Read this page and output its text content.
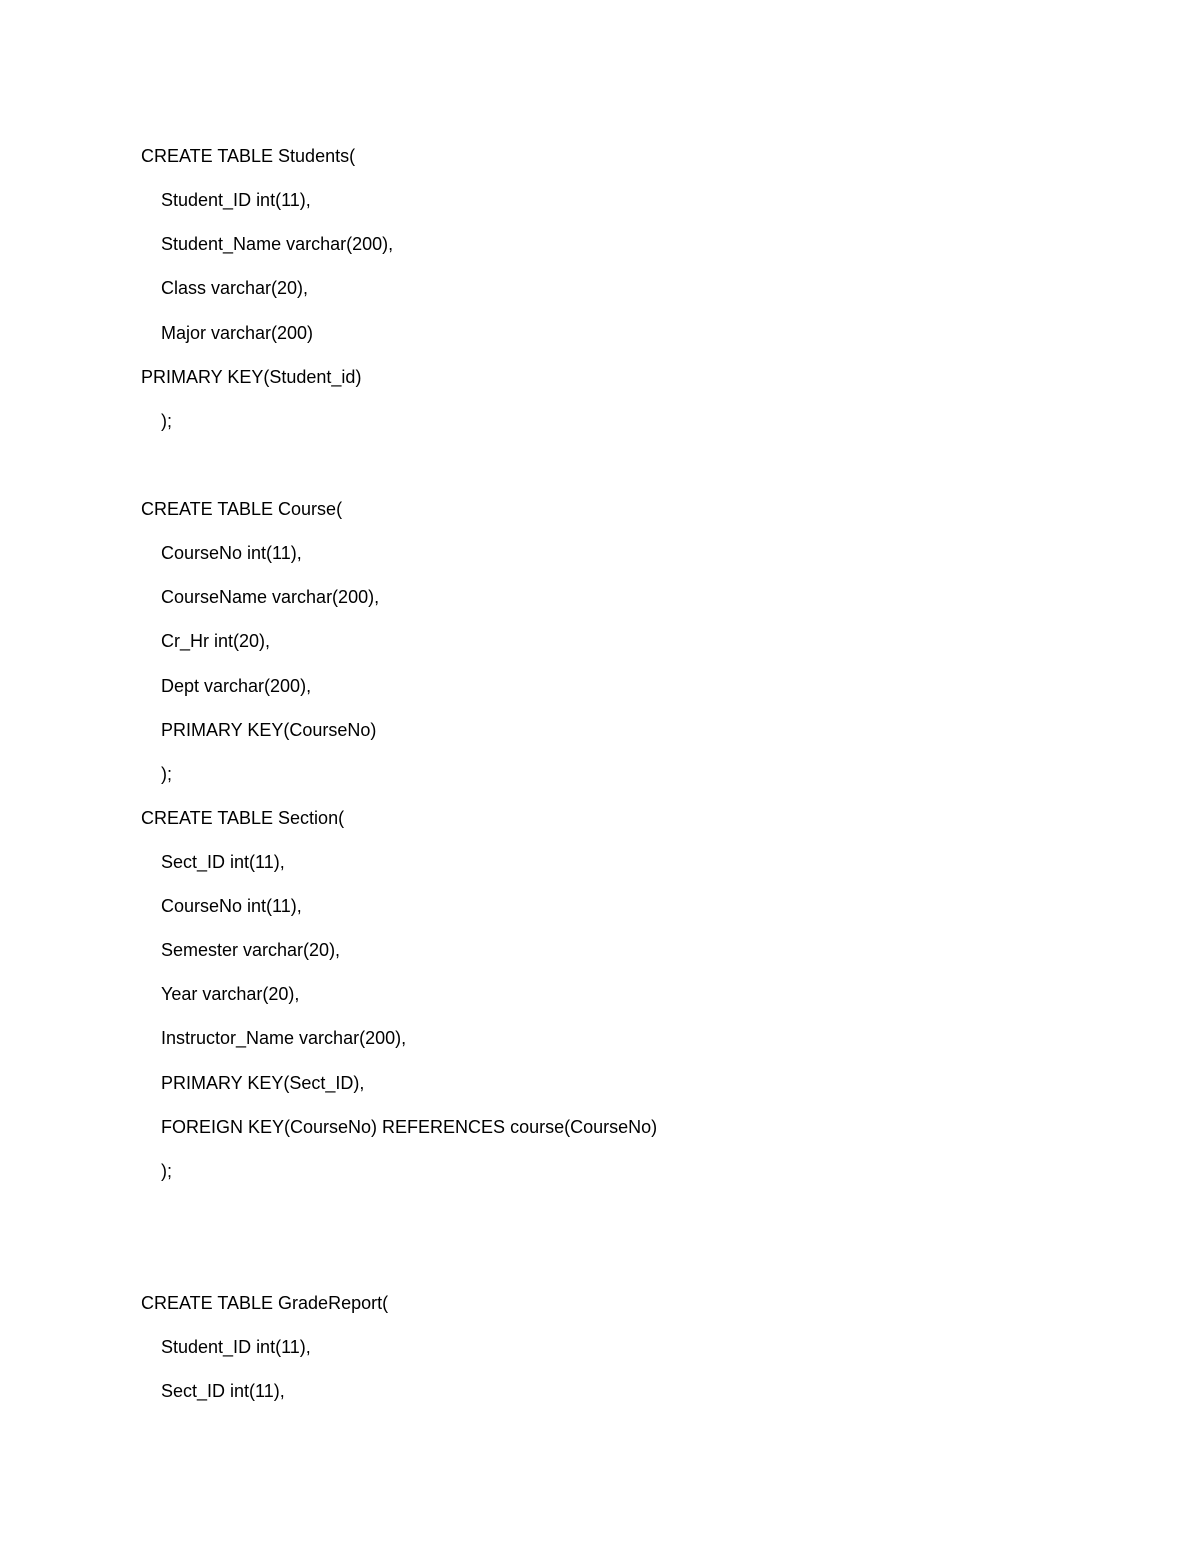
CREATE TABLE Students(
Student_ID int(11),
Student_Name varchar(200),
Class varchar(20),
Major varchar(200)
PRIMARY KEY(Student_id)
);
CREATE TABLE Course(
CourseNo int(11),
CourseName varchar(200),
Cr_Hr int(20),
Dept varchar(200),
PRIMARY KEY(CourseNo)
);
CREATE TABLE Section(
Sect_ID int(11),
CourseNo int(11),
Semester varchar(20),
Year varchar(20),
Instructor_Name varchar(200),
PRIMARY KEY(Sect_ID),
FOREIGN KEY(CourseNo) REFERENCES course(CourseNo)
);
CREATE TABLE GradeReport(
Student_ID int(11),
Sect_ID int(11),
